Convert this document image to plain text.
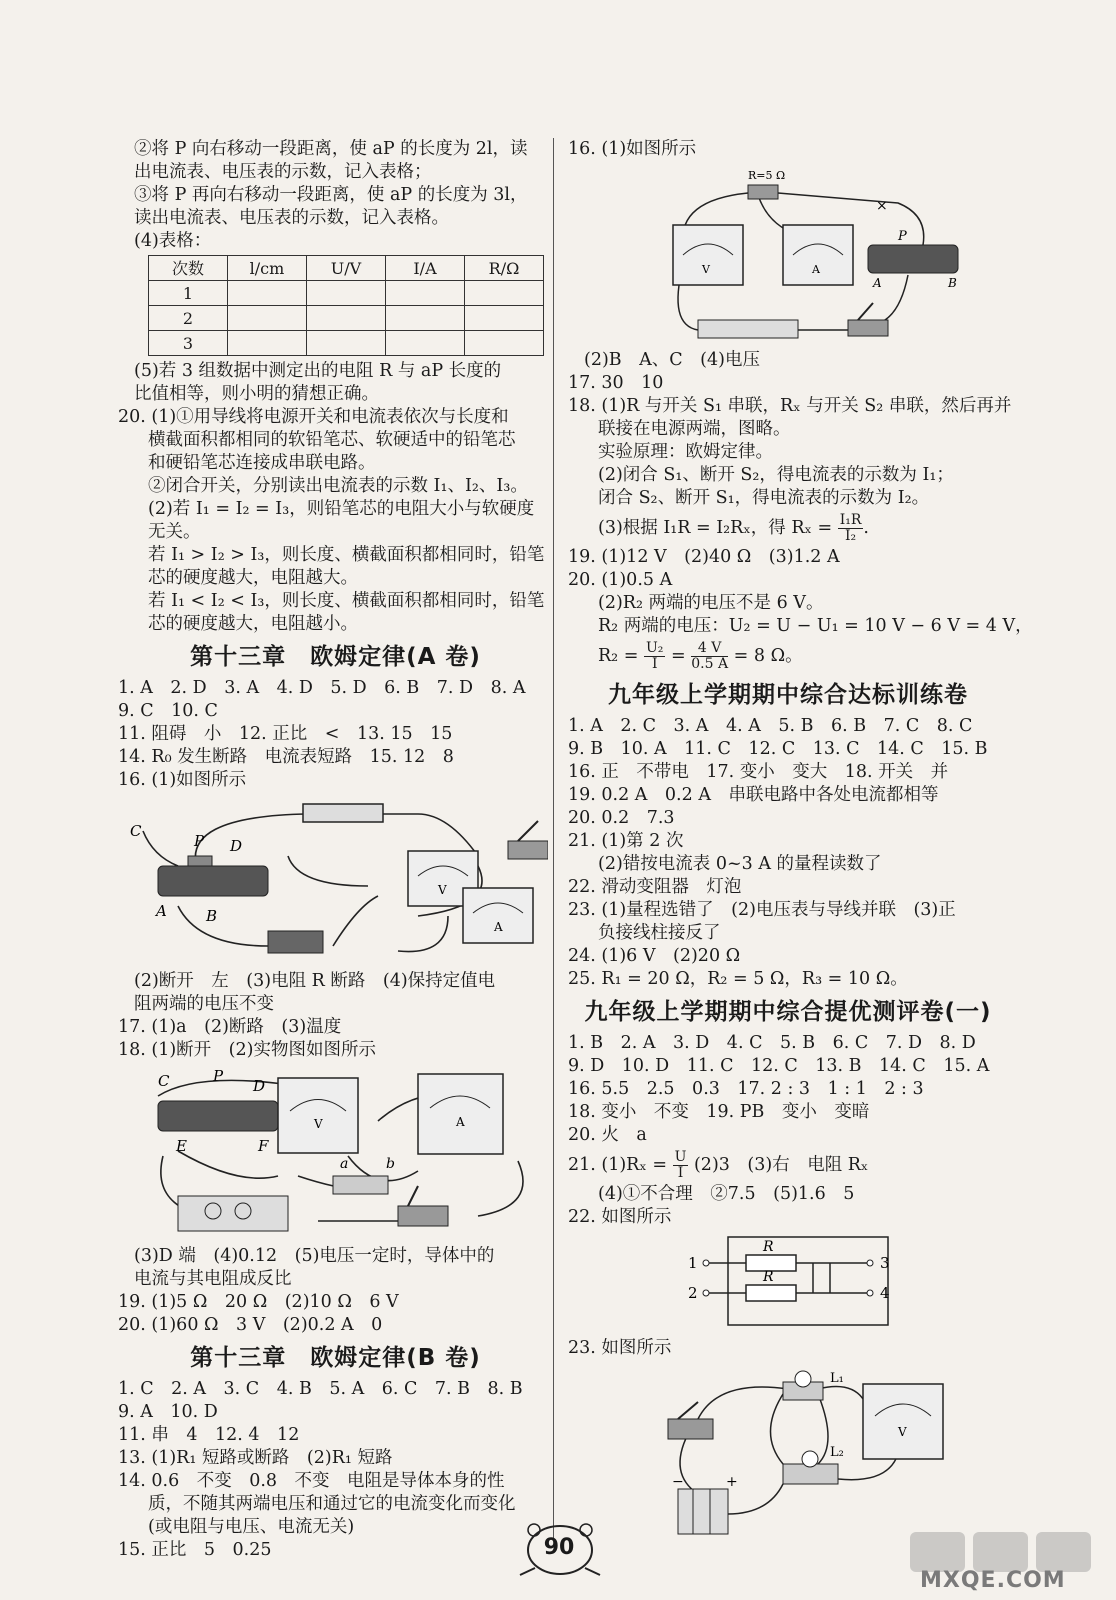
②将 P 向右移动一段距离，使 aP 的长度为 2l，读
出电流表、电压表的示数，记入表格；
③将 P 再向右移动一段距离，使 aP 的长度为 3l，
读出电流表、电压表的示数，记入表格。
(4)表格：
次数	l/cm	U/V	I/A	R/Ω
1				
2				
3				
(5)若 3 组数据中测定出的电阻 R 与 aP 长度的
比值相等，则小明的猜想正确。
20. (1)①用导线将电源开关和电流表依次与长度和
横截面积都相同的软铅笔芯、软硬适中的铅笔芯
和硬铅笔芯连接成串联电路。
②闭合开关，分别读出电流表的示数 I₁、I₂、I₃。
(2)若 I₁ = I₂ = I₃，则铅笔芯的电阻大小与软硬度
无关。
若 I₁ > I₂ > I₃，则长度、横截面积都相同时，铅笔
芯的硬度越大，电阻越大。
若 I₁ < I₂ < I₃，则长度、横截面积都相同时，铅笔
芯的硬度越大，电阻越小。
第十三章　欧姆定律(A 卷)
1. A　2. D　3. A　4. D　5. D　6. B　7. D　8. A
9. C　10. C
11. 阻碍　小　12. 正比　<　13. 15　15
14. R₀ 发生断路　电流表短路　15. 12　8
16. (1)如图所示
C
P D
A	B
V
A
(2)断开　左　(3)电阻 R 断路　(4)保持定值电
阻两端的电压不变
17. (1)a　(2)断路　(3)温度
18. (1)断开　(2)实物图如图所示
C	P
D
E	F
a	b
V	A
(3)D 端　(4)0.12　(5)电压一定时，导体中的
电流与其电阻成反比
19. (1)5 Ω　20 Ω　(2)10 Ω　6 V
20. (1)60 Ω　3 V　(2)0.2 A　0
第十三章　欧姆定律(B 卷)
1. C　2. A　3. C　4. B　5. A　6. C　7. B　8. B
9. A　10. D
11. 串　4　12. 4　12
13. (1)R₁ 短路或断路　(2)R₁ 短路
14. 0.6　不变　0.8　不变　电阻是导体本身的性
质，不随其两端电压和通过它的电流变化而变化
(或电阻与电压、电流无关)
15. 正比　5　0.25
16. (1)如图所示
×
R=5 Ω
V	A
P
A	B
(2)B　A、C　(4)电压
17. 30　10
18. (1)R 与开关 S₁ 串联，Rₓ 与开关 S₂ 串联，然后再并
联接在电源两端，图略。
实验原理：欧姆定律。
(2)闭合 S₁、断开 S₂，得电流表的示数为 I₁；
闭合 S₂、断开 S₁，得电流表的示数为 I₂。
(3)根据 I₁R = I₂Rₓ，得 $R_x = \frac{\text{I₁R}}{\text{I₂}}$ .
19. (1)12 V　(2)40 Ω　(3)1.2 A
20. (1)0.5 A
(2)R₂ 两端的电压不是 6 V。
R₂ 两端的电压：U₂ = U − U₁ = 10 V − 6 V = 4 V，
$R_2 = \frac{\text{U₂}}{I} = \frac{4 V}{0.5 A} = 8$ Ω。
九年级上学期期中综合达标训练卷
1. A　2. C　3. A　4. A　5. B　6. B　7. C　8. C
9. B　10. A　11. C　12. C　13. C　14. C　15. B
16. 正　不带电　17. 变小　变大　18. 开关　并
19. 0.2 A　0.2 A　串联电路中各处电流都相等
20. 0.2　7.3
21. (1)第 2 次
(2)错按电流表 0~3 A 的量程读数了
22. 滑动变阻器　灯泡
23. (1)量程选错了　(2)电压表与导线并联　(3)正
负接线柱接反了
24. (1)6 V　(2)20 Ω
25. R₁ = 20 Ω，R₂ = 5 Ω，R₃ = 10 Ω。
九年级上学期期中综合提优测评卷(一)
1. B　2. A　3. D　4. C　5. B　6. C　7. D　8. D
9. D　10. D　11. C　12. C　13. B　14. C　15. A
16. 5.5　2.5　0.3　17. 2 : 3　1 : 1　2 : 3
18. 变小　不变　19. PB　变小　变暗
20. 火　a
21. $(1)R_x = \frac{U}{I} (2)3$　(3)右　电阻 Rₓ
(4)①不合理　②7.5　(5)1.6　5
22. 如图所示
R
R
1
2
3
4
23. 如图所示
L₁
L₂
V
−	+
90
MXQE.COM
